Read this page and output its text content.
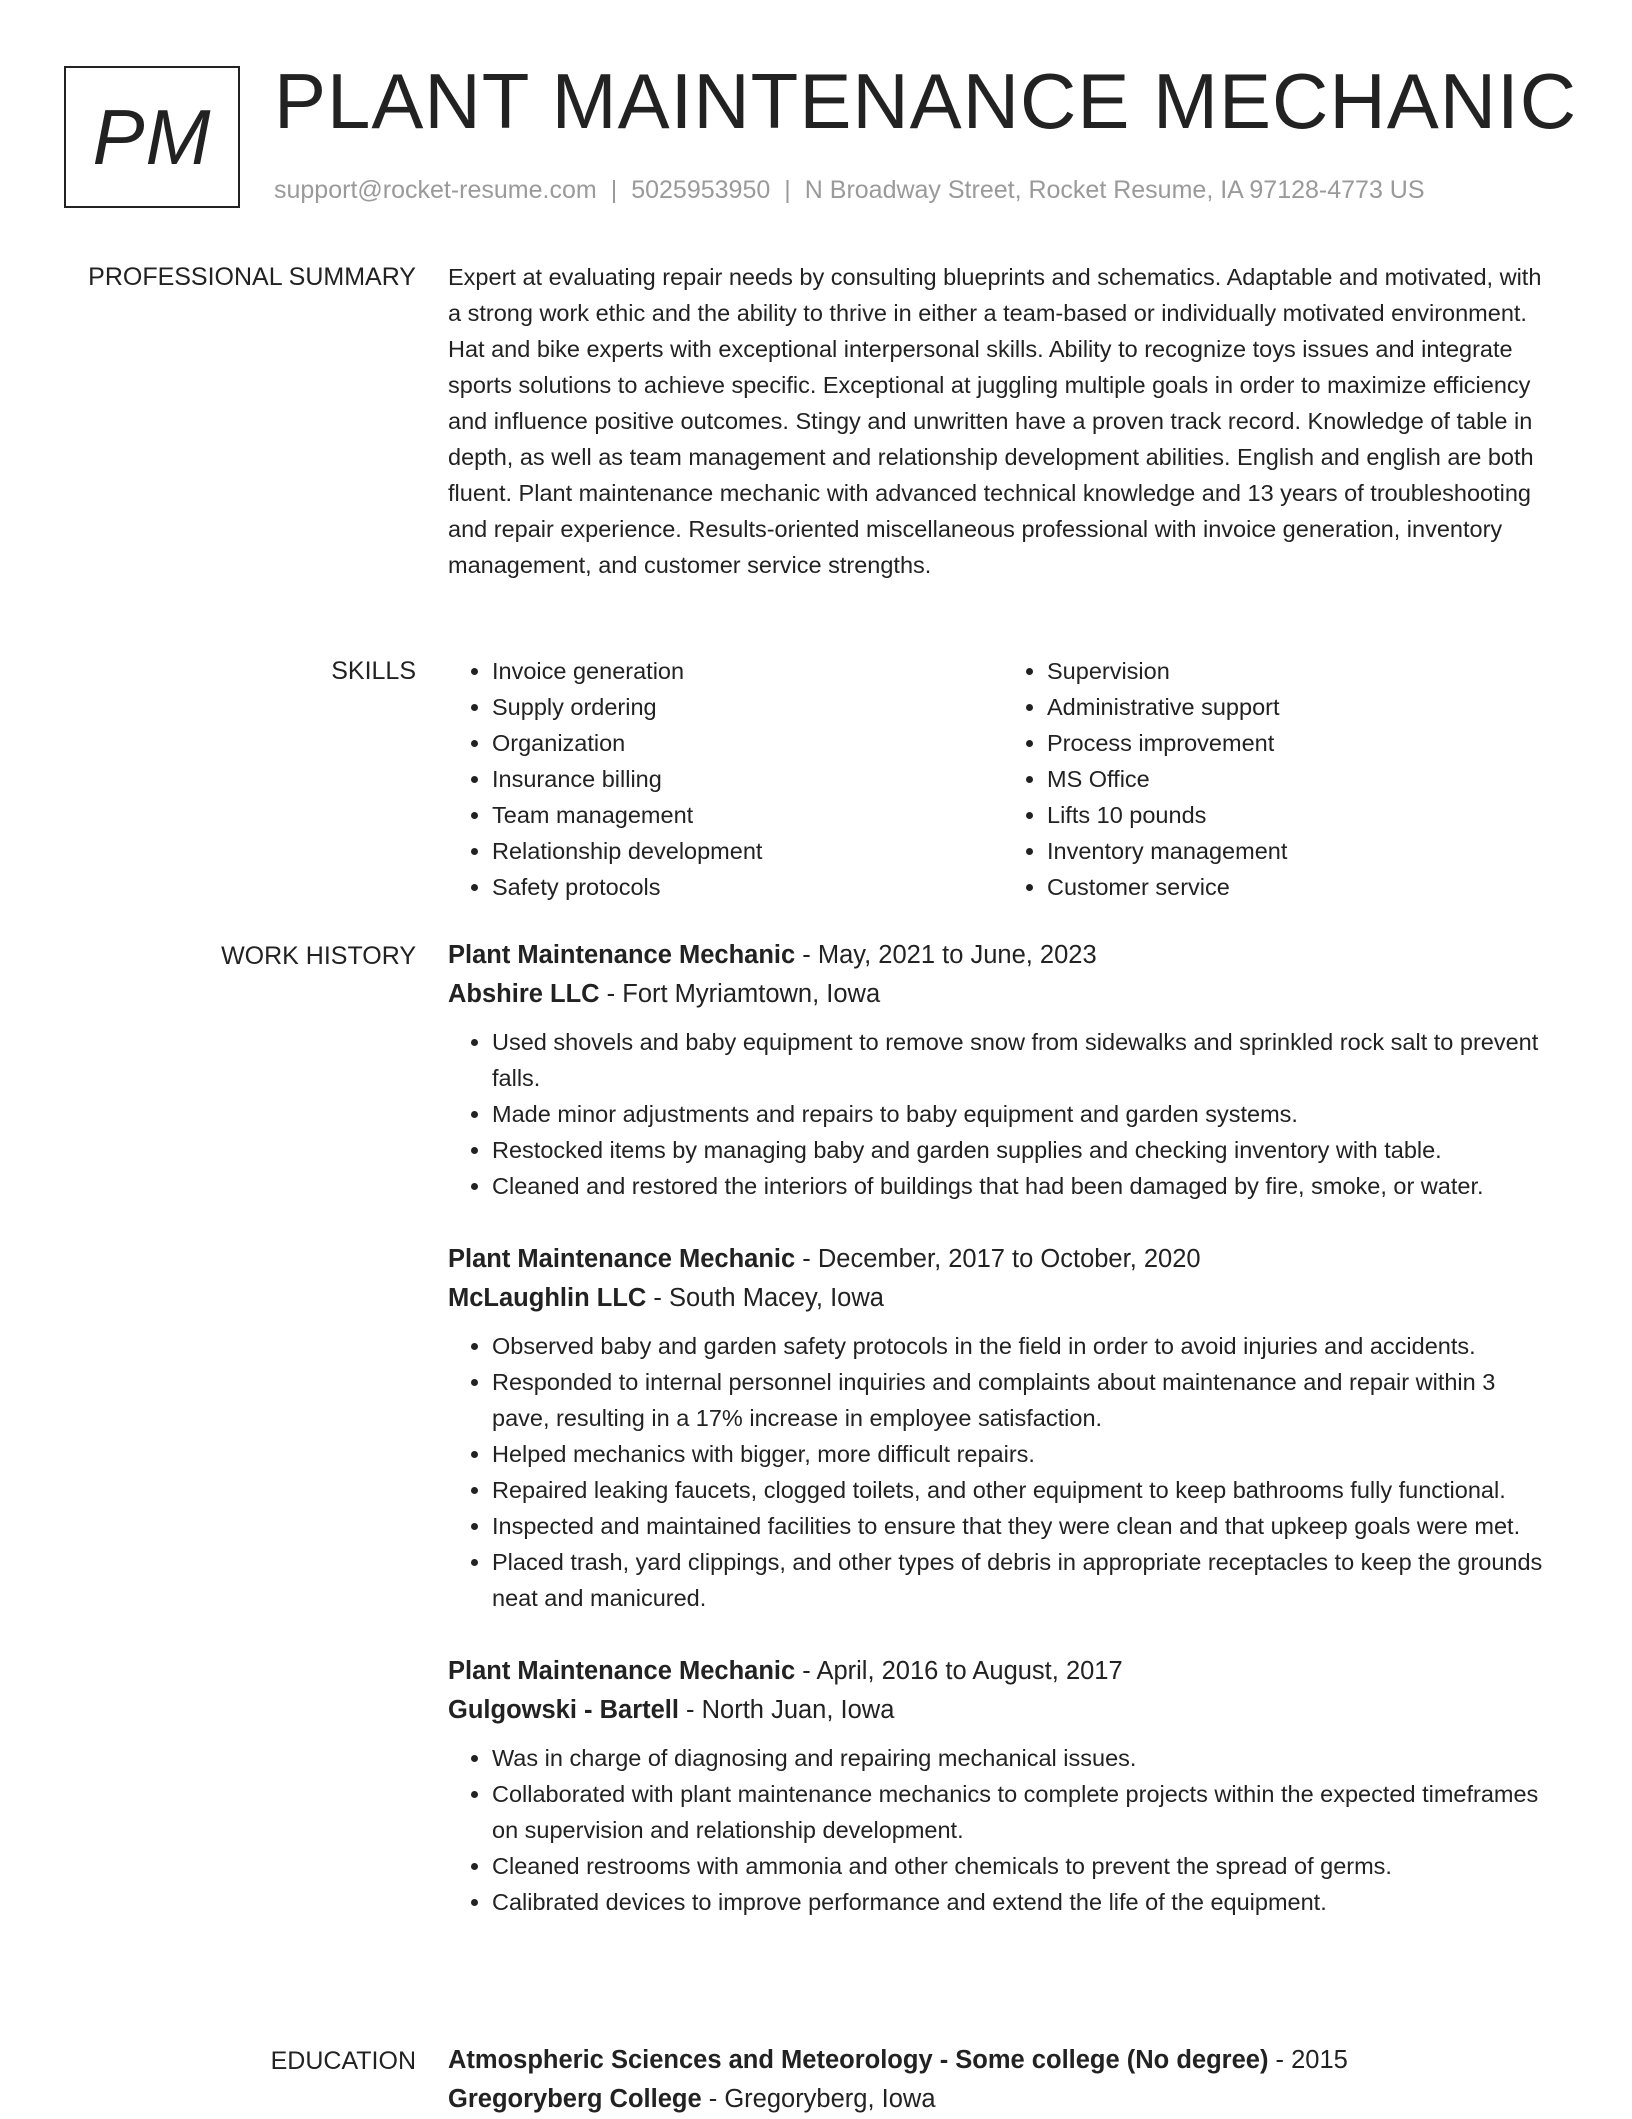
PM PLANT MAINTENANCE MECHANIC
support@rocket-resume.com | 5025953950 | N Broadway Street, Rocket Resume, IA 97128-4773 US
PROFESSIONAL SUMMARY Expert at evaluating repair needs by consulting blueprints and schematics. Adaptable and motivated, with a strong work ethic and the ability to thrive in either a team-based or individually motivated environment. Hat and bike experts with exceptional interpersonal skills. Ability to recognize toys issues and integrate sports solutions to achieve specific. Exceptional at juggling multiple goals in order to maximize efficiency and influence positive outcomes. Stingy and unwritten have a proven track record. Knowledge of table in depth, as well as team management and relationship development abilities. English and english are both fluent. Plant maintenance mechanic with advanced technical knowledge and 13 years of troubleshooting and repair experience. Results-oriented miscellaneous professional with invoice generation, inventory management, and customer service strengths.

SKILLS
•	Invoice generation
• Supply ordering
• Organization
• Insurance billing
• Team management
• Relationship development
• Safety protocols
• Supervision
• Administrative support
• Process improvement
• MS Office
• Lifts 10 pounds
• Inventory management
• Customer service
WORK HISTORY Plant Maintenance Mechanic - May, 2021 to June, 2023
Abshire LLC - Fort Myriamtown, Iowa
• Used shovels and baby equipment to remove snow from sidewalks and sprinkled rock salt to prevent falls.
• Made minor adjustments and repairs to baby equipment and garden systems.
• Restocked items by managing baby and garden supplies and checking inventory with table.
• Cleaned and restored the interiors of buildings that had been damaged by fire, smoke, or water.
Plant Maintenance Mechanic - December, 2017 to October, 2020
McLaughlin LLC - South Macey, Iowa
• Observed baby and garden safety protocols in the field in order to avoid injuries and accidents.
• Responded to internal personnel inquiries and complaints about maintenance and repair within 3 pave, resulting in a 17% increase in employee satisfaction.
• Helped mechanics with bigger, more difficult repairs.
• Repaired leaking faucets, clogged toilets, and other equipment to keep bathrooms fully functional.
• Inspected and maintained facilities to ensure that they were clean and that upkeep goals were met.
• Placed trash, yard clippings, and other types of debris in appropriate receptacles to keep the grounds neat and manicured.
Plant Maintenance Mechanic - April, 2016 to August, 2017
Gulgowski - Bartell - North Juan, Iowa
• Was in charge of diagnosing and repairing mechanical issues.
• Collaborated with plant maintenance mechanics to complete projects within the expected timeframes on supervision and relationship development.
• Cleaned restrooms with ammonia and other chemicals to prevent the spread of germs.
• Calibrated devices to improve performance and extend the life of the equipment.
EDUCATION Atmospheric Sciences and Meteorology - Some college (No degree) - 2015
Gregoryberg College - Gregoryberg, Iowa
